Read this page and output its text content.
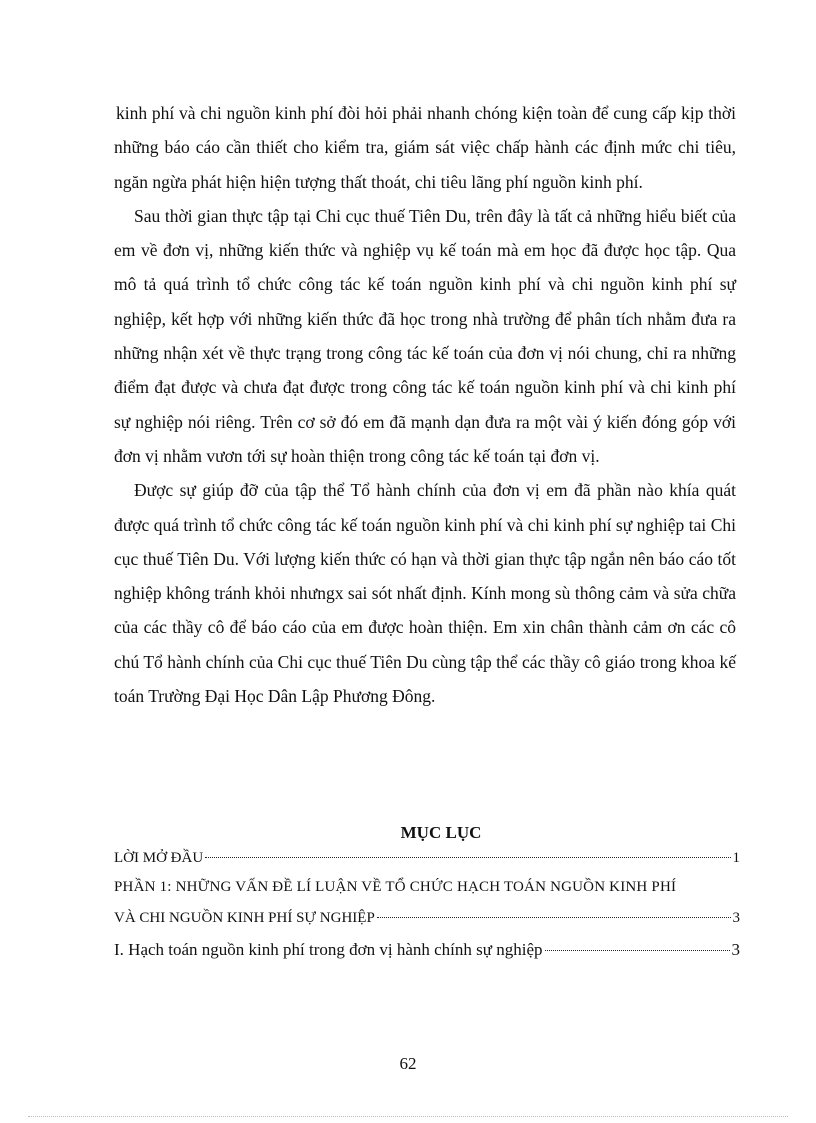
kinh phí và chi nguồn kinh phí đòi hỏi phải nhanh chóng kiện toàn để cung cấp kịp thời những báo cáo cần thiết cho kiểm tra, giám sát việc chấp hành các định mức chi tiêu, ngăn ngừa phát hiện hiện tượng thất thoát, chi tiêu lãng phí nguồn kinh phí.

Sau thời gian thực tập tại Chi cục thuế Tiên Du, trên đây là tất cả những hiểu biết của em về đơn vị, những kiến thức và nghiệp vụ kế toán mà em học đã được học tập. Qua mô tả quá trình tổ chức công tác kế toán nguồn kinh phí và chi nguồn kinh phí sự nghiệp, kết hợp với những kiến thức đã học trong nhà trường để phân tích nhằm đưa ra những nhận xét về thực trạng trong công tác kế toán của đơn vị nói chung, chỉ ra những điểm đạt được và chưa đạt được trong công tác kế toán nguồn kinh phí và chi kinh phí sự nghiệp nói riêng. Trên cơ sở đó em đã mạnh dạn đưa ra một vài ý kiến đóng góp với đơn vị nhằm vươn tới sự hoàn thiện trong công tác kế toán tại đơn vị.

Được sự giúp đỡ của tập thể Tổ hành chính của đơn vị em đã phần nào khía quát được quá trình tổ chức công tác kế toán nguồn kinh phí và chi kinh phí sự nghiệp tai Chi cục thuế Tiên Du. Với lượng kiến thức có hạn và thời gian thực tập ngắn nên báo cáo tốt nghiệp không tránh khỏi nhưngx sai sót nhất định. Kính mong sù thông cảm và sửa chữa của các thầy cô để báo cáo của em được hoàn thiện. Em xin chân thành cảm ơn các cô chú Tổ hành chính của Chi cục thuế Tiên Du cùng tập thể các thầy cô giáo trong khoa kế toán Trường Đại Học Dân Lập Phương Đông.

MỤC LỤC
LỜI MỞ ĐẦU	1
PHẦN 1: NHỮNG VẤN ĐỀ LÍ LUẬN VỀ TỔ CHỨC HẠCH TOÁN NGUỒN KINH PHÍ
VÀ CHI NGUỒN KINH PHÍ SỰ NGHIỆP	3
I. Hạch toán nguồn kinh phí trong đơn vị hành chính sự nghiệp	3
62
